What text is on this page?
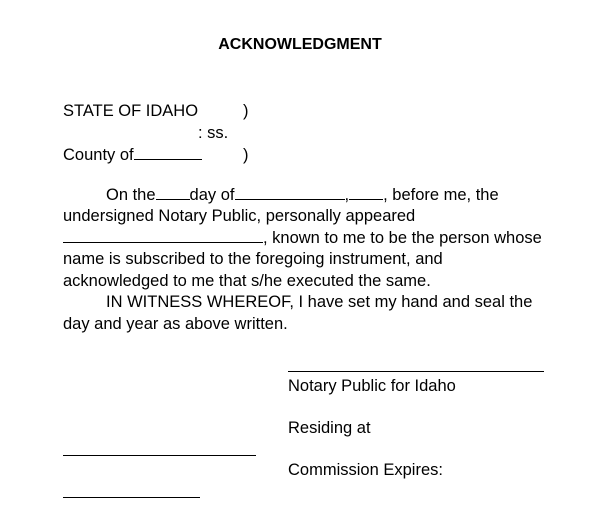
ACKNOWLEDGMENT
STATE OF IDAHO	)
: ss.
County of	)
On the day of	, , before me, the
undersigned Notary Public, personally appeared
, known to me to be the person whose
name is subscribed to the foregoing instrument, and
acknowledged to me that s/he executed the same.
IN WITNESS WHEREOF, I have set my hand and seal the
day and year as above written.
Notary Public for Idaho
Residing at
Commission Expires:
